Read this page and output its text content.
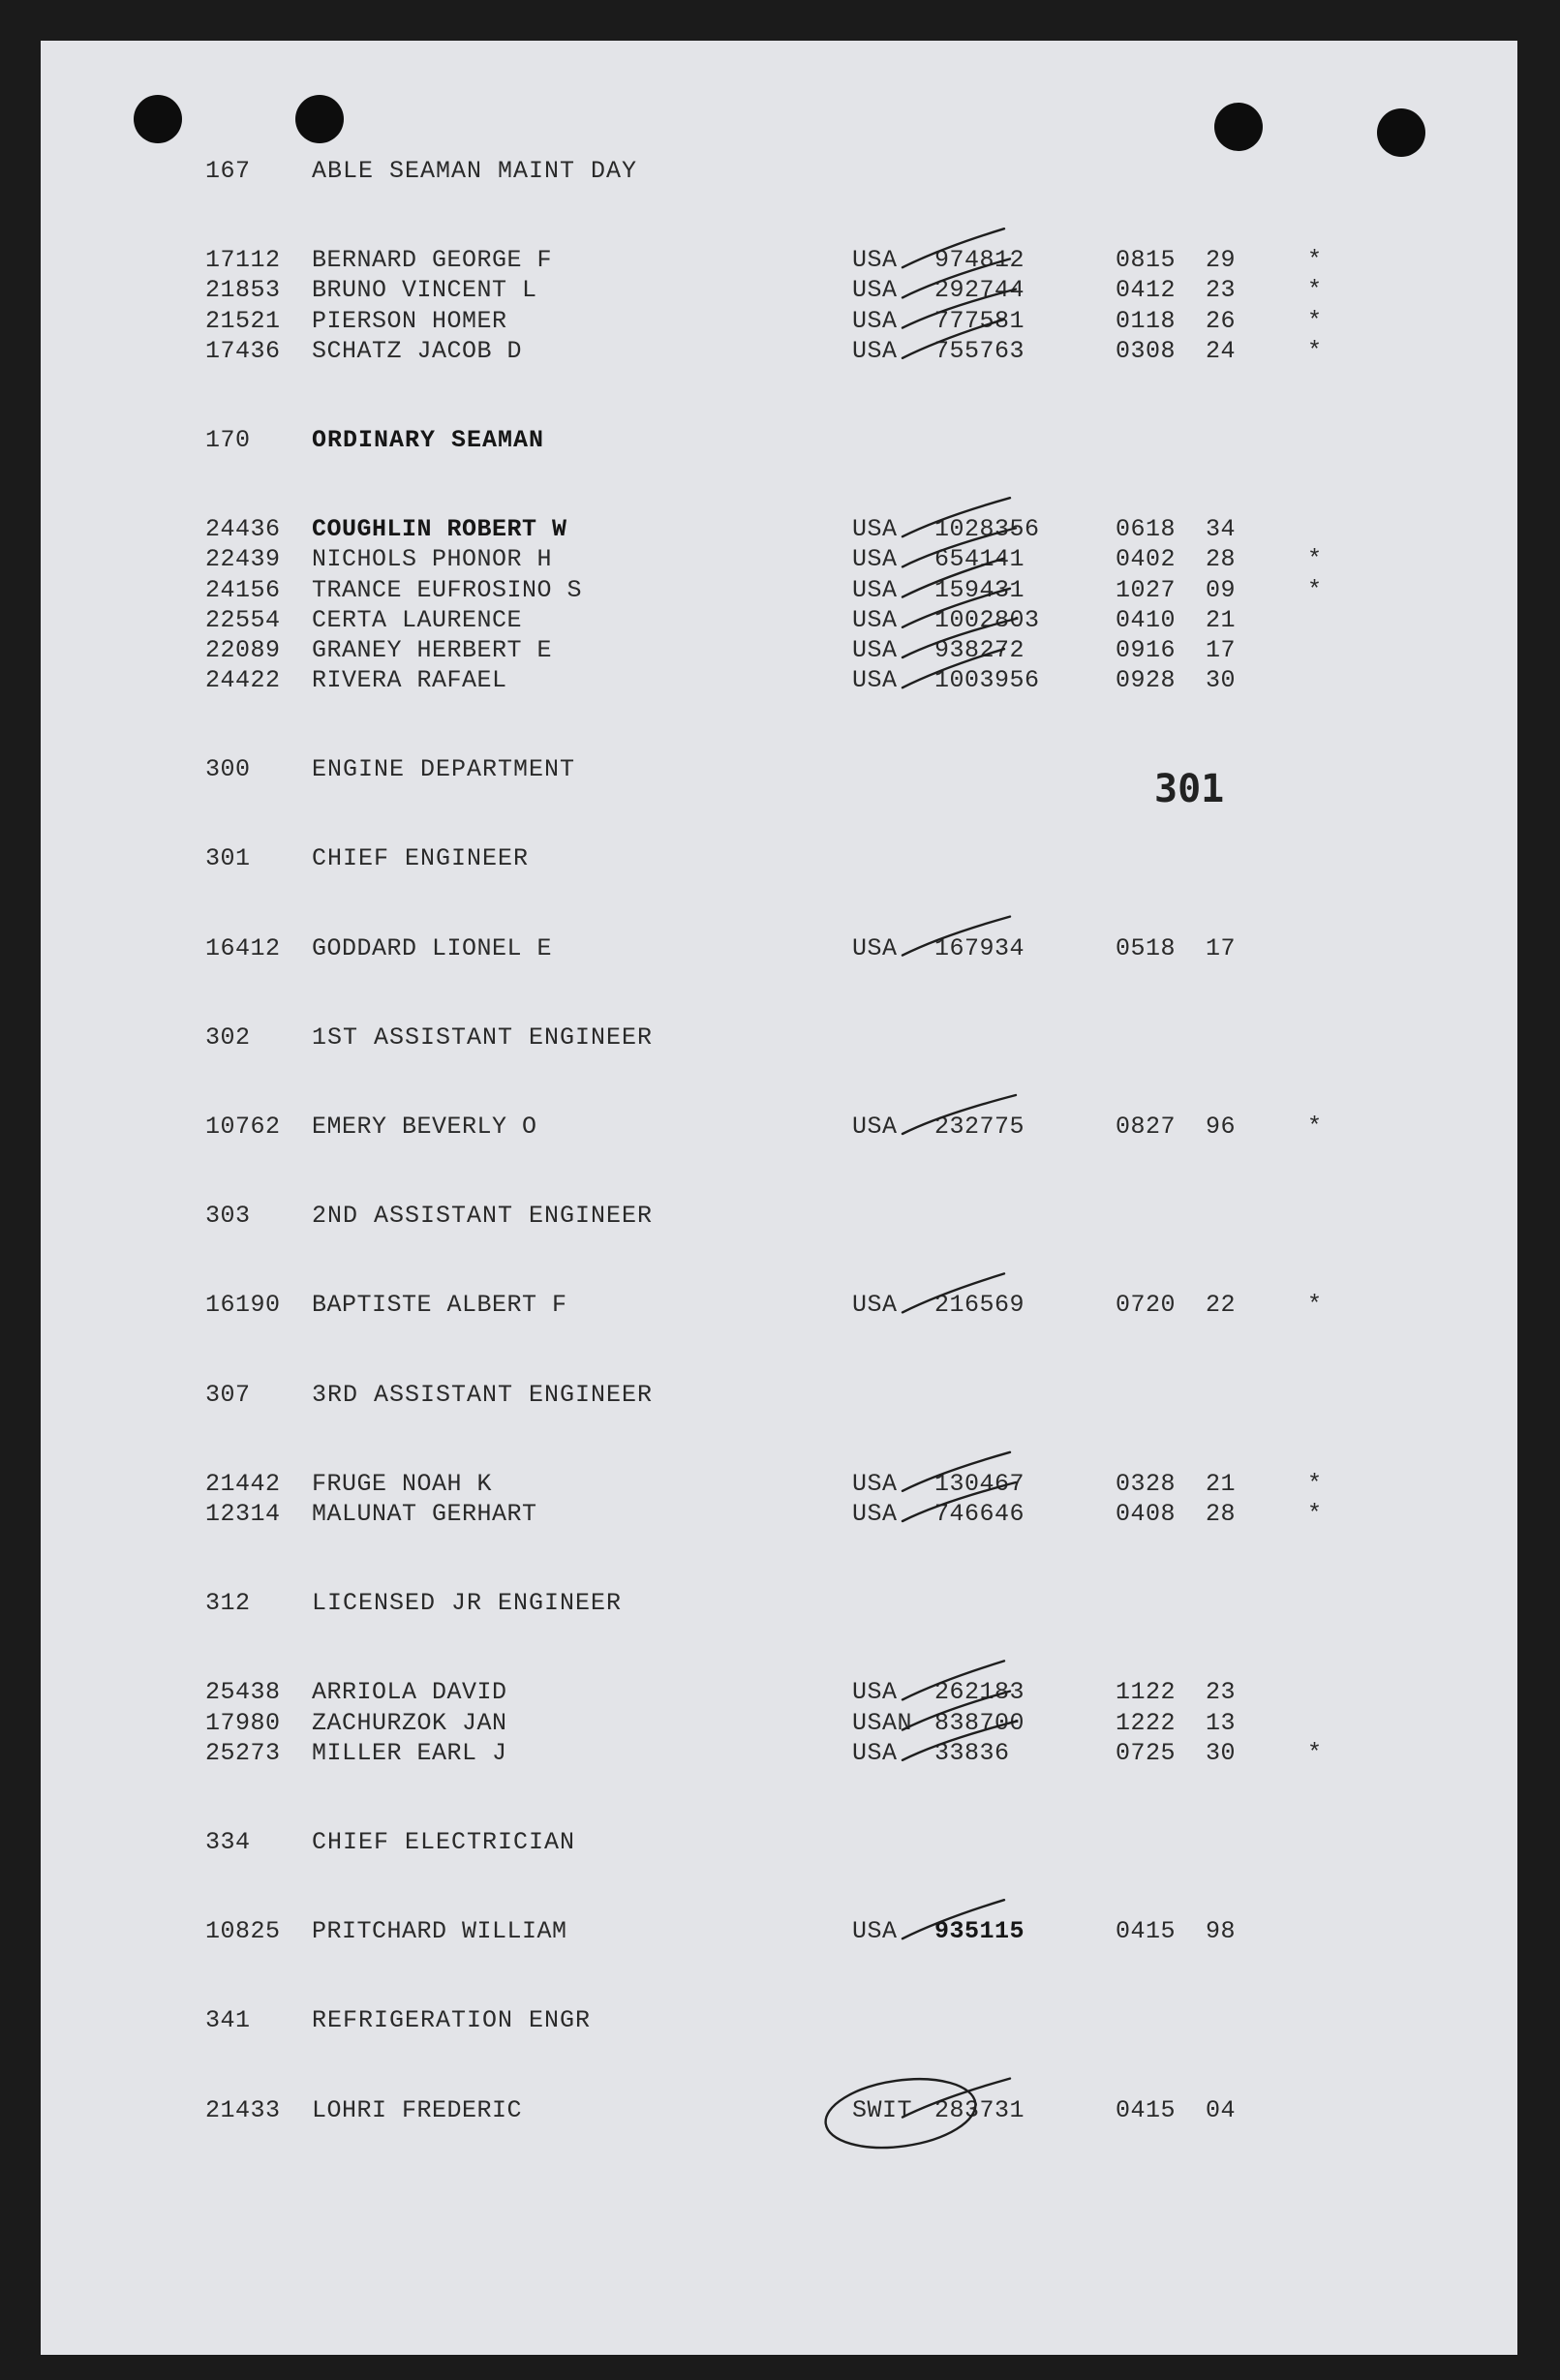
167	ABLE SEAMAN MAINT DAY
17112 BERNARD GEORGE F	USA 974812	0815 29	*
21853 BRUNO VINCENT L	USA 292744	0412 23	*
21521 PIERSON HOMER	USA 777581	0118 26	*
17436 SCHATZ JACOB D	USA 755763	0308 24	*
170	ORDINARY SEAMAN
24436 COUGHLIN ROBERT W	USA 1028356	0618 34
22439 NICHOLS PHONOR H	USA 654141	0402 28	*
24156 TRANCE EUFROSINO S	USA 159431	1027 09	*
22554 CERTA LAURENCE	USA 1002803	0410 21
22089 GRANEY HERBERT E	USA 938272	0916 17
24422 RIVERA RAFAEL	USA 1003956	0928 30
300	ENGINE DEPARTMENT
301	CHIEF ENGINEER
16412 GODDARD LIONEL E	USA 167934	0518 17
302	1ST ASSISTANT ENGINEER
10762 EMERY BEVERLY O	USA 232775	0827 96	*
303	2ND ASSISTANT ENGINEER
16190 BAPTISTE ALBERT F	USA 216569	0720 22	*
307	3RD ASSISTANT ENGINEER
21442 FRUGE NOAH K	USA 130467	0328 21	*
12314 MALUNAT GERHART	USA 746646	0408 28	*
312	LICENSED JR ENGINEER
25438 ARRIOLA DAVID	USA 262183	1122 23
17980 ZACHURZOK JAN	USAN 838700	1222 13
25273 MILLER EARL J	USA 33836	0725 30	*
334	CHIEF ELECTRICIAN
10825 PRITCHARD WILLIAM	USA 935115	0415 98
341	REFRIGERATION ENGR
21433 LOHRI FREDERIC	SWIT 283731	0415 04
301
